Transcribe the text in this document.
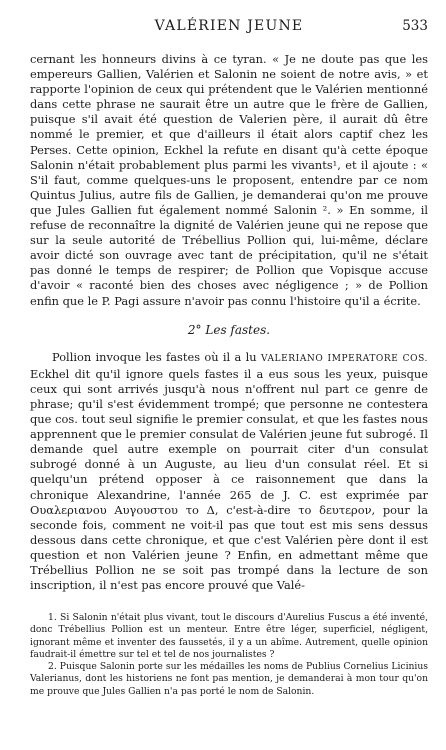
VALÉRIEN JEUNE	533

cernant les honneurs divins à ce tyran. « Je ne doute pas que les empereurs Gallien, Valérien et Salonin ne soient de notre avis, » et rapporte l'opinion de ceux qui prétendent que le Valérien mentionné dans cette phrase ne saurait être un autre que le frère de Gallien, puisque s'il avait été question de Valerien père, il aurait dû être nommé le premier, et que d'ailleurs il était alors captif chez les Perses. Cette opinion, Eckhel la refute en disant qu'à cette époque Salonin n'était probablement plus parmi les vivants¹, et il ajoute : « S'il faut, comme quelques-uns le proposent, entendre par ce nom Quintus Julius, autre fils de Gallien, je demanderai qu'on me prouve que Jules Gallien fut également nommé Salonin ². » En somme, il refuse de reconnaître la dignité de Valérien jeune qui ne repose que sur la seule autorité de Trébellius Pollion qui, lui-même, déclare avoir dicté son ouvrage avec tant de précipitation, qu'il ne s'était pas donné le temps de respirer; de Pollion que Vopisque accuse d'avoir « raconté bien des choses avec négligence ; » de Pollion enfin que le P. Pagi assure n'avoir pas connu l'histoire qu'il a écrite.

2° Les fastes.

Pollion invoque les fastes où il a lu VALERIANO IMPERATORE COS. Eckhel dit qu'il ignore quels fastes il a eus sous les yeux, puisque ceux qui sont arrivés jusqu'à nous n'offrent nul part ce genre de phrase; qu'il s'est évidemment trompé; que personne ne contestera que cos. tout seul signifie le premier consulat, et que les fastes nous apprennent que le premier consulat de Valérien jeune fut subrogé. Il demande quel autre exemple on pourrait citer d'un consulat subrogé donné à un Auguste, au lieu d'un consulat réel. Et si quelqu'un prétend opposer à ce raisonnement que dans la chronique Alexandrine, l'année 265 de J. C. est exprimée par Ουαλεριανου Αυγουστου το Δ, c'est-à-dire το δευτερον, pour la seconde fois, comment ne voit-il pas que tout est mis sens dessus dessous dans cette chronique, et que c'est Valérien père dont il est question et non Valérien jeune ? Enfin, en admettant même que Trébellius Pollion ne se soit pas trompé dans la lecture de son inscription, il n'est pas encore prouvé que Valé-

1. Si Salonin n'était plus vivant, tout le discours d'Aurelius Fuscus a été inventé, donc Trébellius Pollion est un menteur. Entre être léger, superficiel, négligent, ignorant même et inventer des faussetés, il y a un abîme. Autrement, quelle opinion faudrait-il émettre sur tel et tel de nos journalistes ?

2. Puisque Salonin porte sur les médailles les noms de Publius Cornelius Licinius Valerianus, dont les historiens ne font pas mention, je demanderai à mon tour qu'on me prouve que Jules Gallien n'a pas porté le nom de Salonin.
